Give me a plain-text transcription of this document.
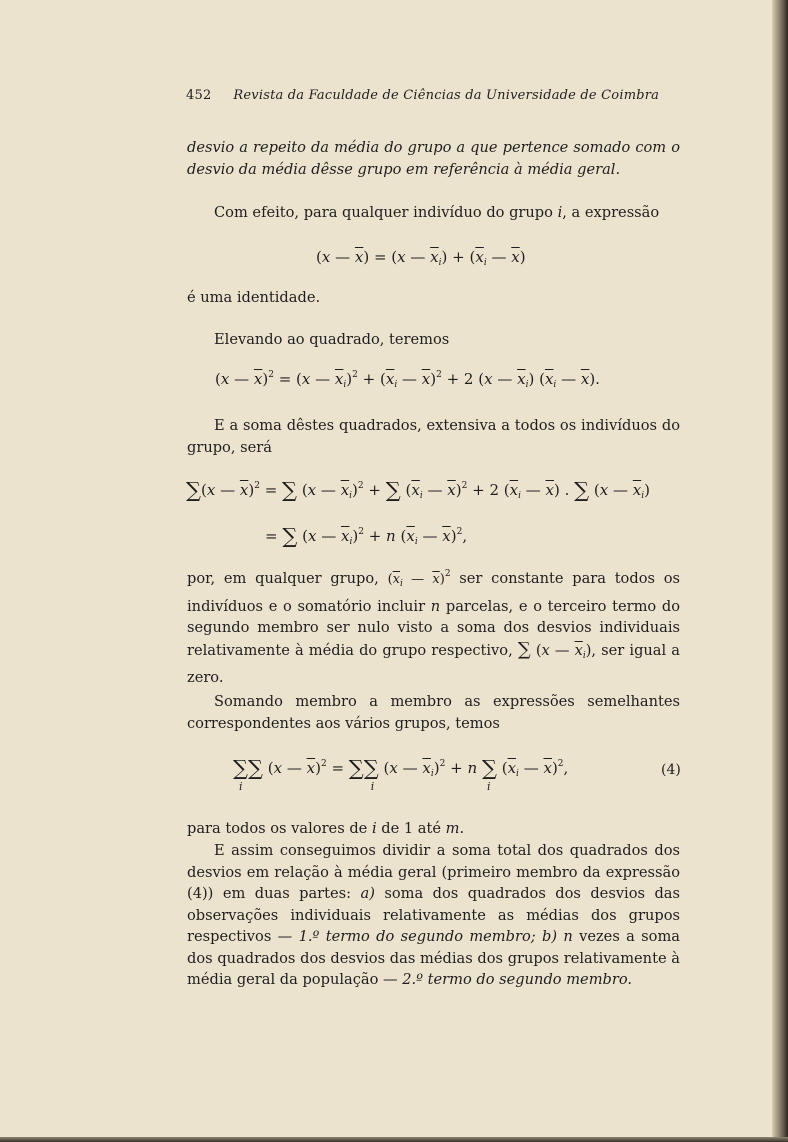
452 Revista da Faculdade de Ciências da Universidade de Coimbra
desvio a repeito da média do grupo a que pertence somado com o desvio da média dêsse grupo em referência à média geral.
Com efeito, para qualquer indivíduo do grupo i, a expressão
(x — $\overline{x}) = (x$ — $\overline{x}_i) + (\overline{x}_i$ — $\overline{x}$)
é uma identidade.
Elevando ao quadrado, teremos
(x — $\overline{x})^2 = (x$ — $\overline{x}_i)^2 + (\overline{x}_i$ — $\overline{x})^2 + 2$ (x — $\overline{x}_i$) ($\overline{x}_i$ — $\overline{x}$).
E a soma dêstes quadrados, extensiva a todos os indivíduos do grupo, será
∑(x — $\overline{x})^2$ = ∑ (x — $\overline{x}_i)^2$ + ∑ ($\overline{x}_i$ — $\overline{x})^2 + 2$ ($\overline{x}_i$ — $\overline{x}$) . ∑ (x — $\overline{x}_i$)
= ∑ (x — $\overline{x}_i)^2 + n$ ($\overline{x}_i$ — $\overline{x})^2$,
por, em qualquer grupo, ($\overline{x}_i$ — $\overline{x})^2$ ser constante para todos os indivíduos e o somatório incluir n parcelas, e o terceiro termo do segundo membro ser nulo visto a soma dos desvios individuais relativamente à média do grupo respectivo, ∑ (x — $\overline{x}_i$), ser igual a zero.
Somando membro a membro as expressões semelhantes correspondentes aos vários grupos, temos
∑∑
i
(x — $\overline{x})^2$ = ∑∑
i
(x — $\overline{x}_i)^2 + n$ ∑
i
($\overline{x}_i$ — $\overline{x})^2$,	(4)
para todos os valores de i de 1 até m.
E assim conseguimos dividir a soma total dos quadrados dos desvios em relação à média geral (primeiro membro da expressão (4)) em duas partes: a) soma dos quadrados dos desvios das observações individuais relativamente as médias dos grupos respectivos — 1.º termo do segundo membro; b) n vezes a soma dos quadrados dos desvios das médias dos grupos relativamente à média geral da população — 2.º termo do segundo membro.
